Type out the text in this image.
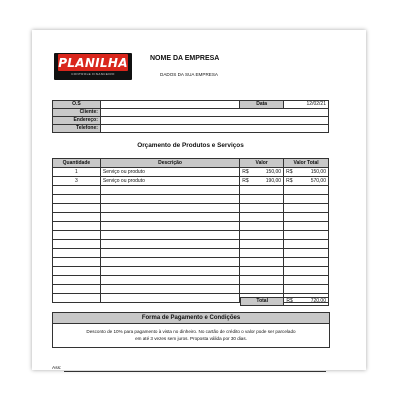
PLANILHA
CONTROLE FINANCEIRO
NOME DA EMPRESA
DADOS DA SUA EMPRESA
O.S		Data	12/02/21
Cliente:			
Endereço:			
Telefone:			
Orçamento de Produtos e Serviços
Quantidade	Descrição	Valor		Valor Total	
1	Serviço ou produto	R$	150,00	R$	150,00
3	Serviço ou produto	R$	190,00	R$	570,00

Total	R$	720,00
Forma de Pagamento e Condições
Desconto de 10% para pagamento à vista no dinheiro. No cartão de crédito o valor pode ser parcelado
em até 3 vezes sem juros. Proposta válida por 30 dias.
Ass:
